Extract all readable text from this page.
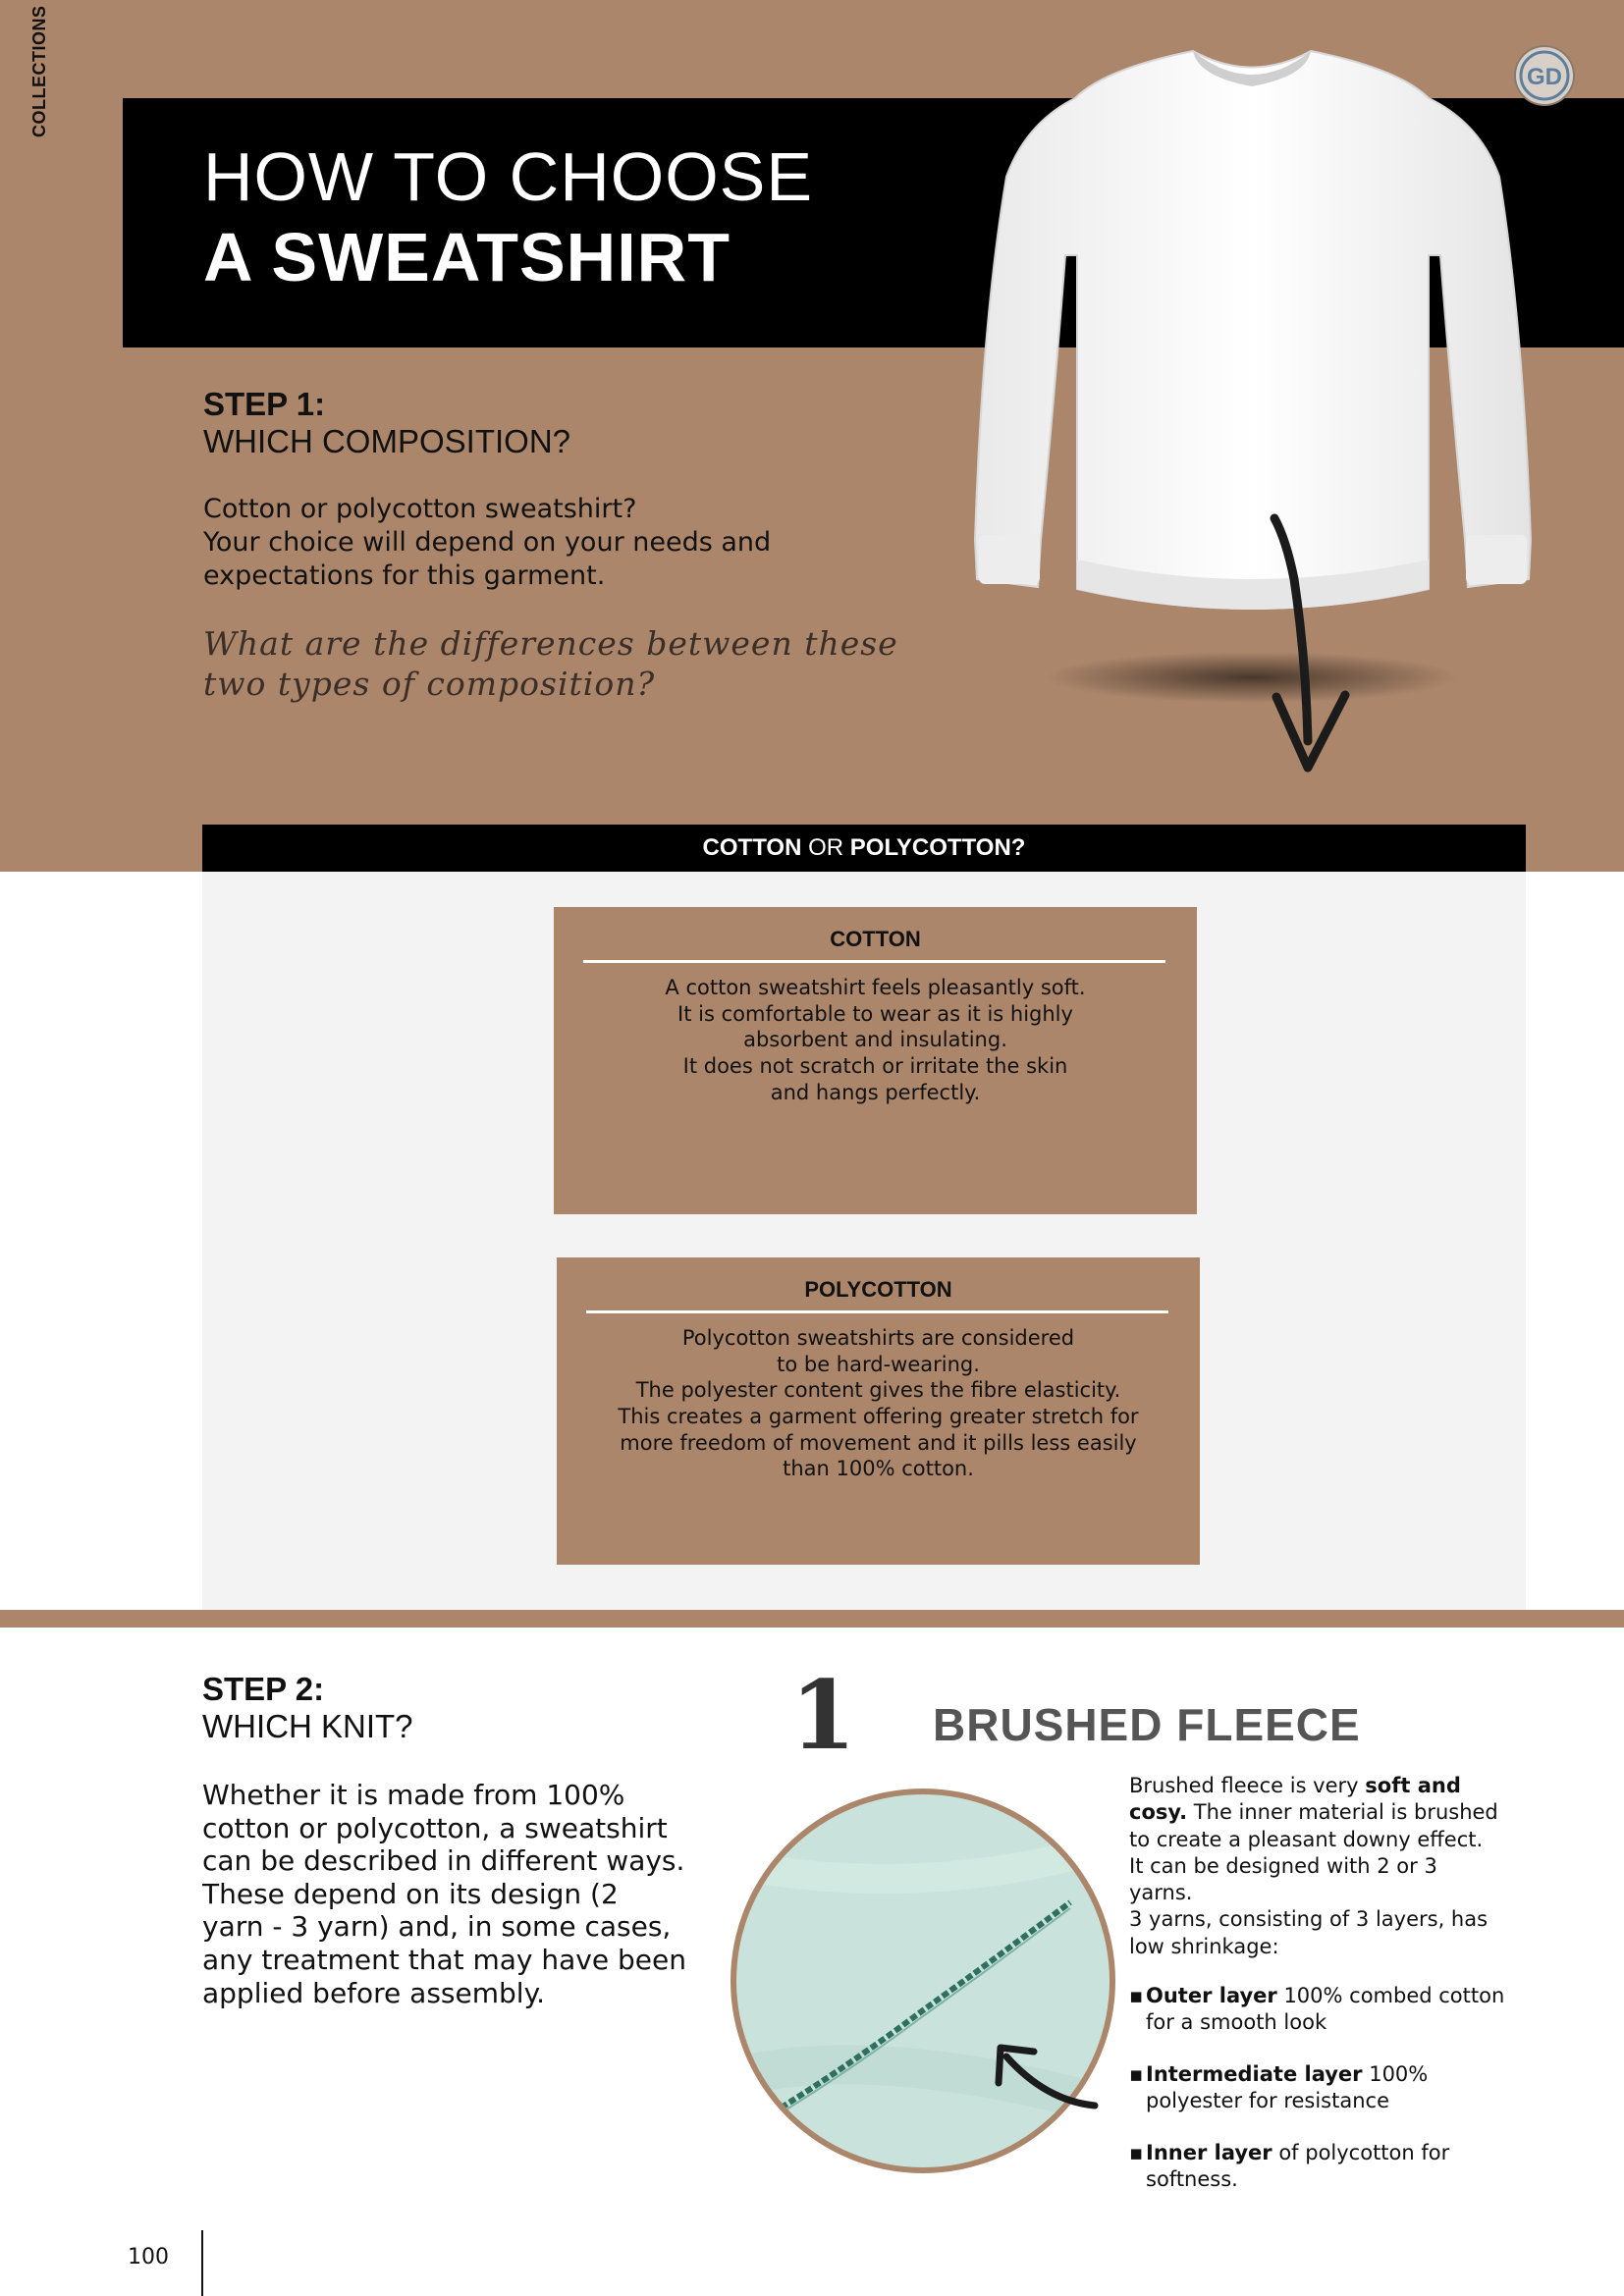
COLLECTIONS
HOW TO CHOOSE
A SWEATSHIRT
GD
STEP 1:
WHICH COMPOSITION?
Cotton or polycotton sweatshirt?
Your choice will depend on your needs and
expectations for this garment.
What are the differences between these
two types of composition?
COTTON OR POLYCOTTON?
COTTON
A cotton sweatshirt feels pleasantly soft.
It is comfortable to wear as it is highly
absorbent and insulating.
It does not scratch or irritate the skin
and hangs perfectly.
POLYCOTTON
Polycotton sweatshirts are considered
to be hard-wearing.
The polyester content gives the fibre elasticity.
This creates a garment offering greater stretch for
more freedom of movement and it pills less easily
than 100% cotton.
STEP 2:
WHICH KNIT?
Whether it is made from 100%
cotton or polycotton, a sweatshirt
can be described in different ways.
These depend on its design (2
yarn - 3 yarn) and, in some cases,
any treatment that may have been
applied before assembly.
1 BRUSHED FLEECE
Brushed fleece is very soft and
cosy. The inner material is brushed
to create a pleasant downy effect.
It can be designed with 2 or 3
yarns.
3 yarns, consisting of 3 layers, has
low shrinkage:
▪ Outer layer 100% combed cotton
for a smooth look
▪ Intermediate layer 100%
polyester for resistance
▪ Inner layer of polycotton for
softness.
100
